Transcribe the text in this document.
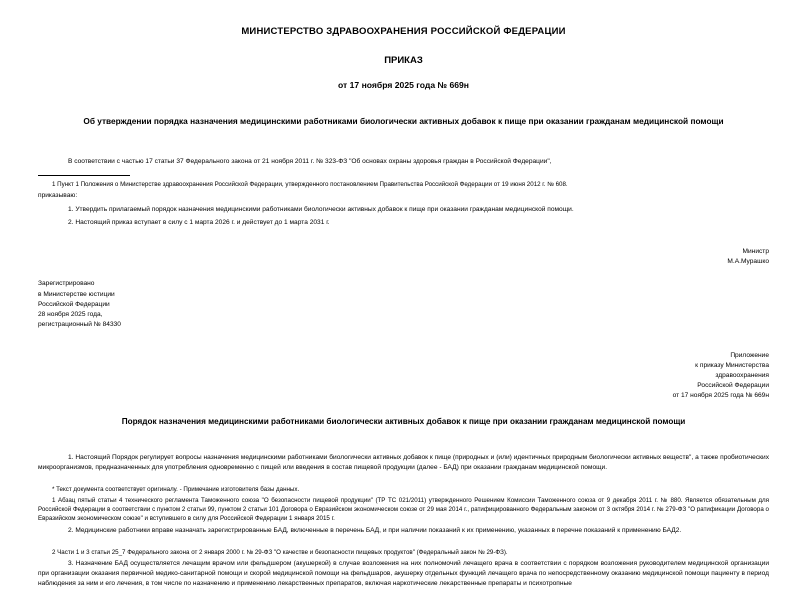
МИНИСТЕРСТВО ЗДРАВООХРАНЕНИЯ РОССИЙСКОЙ ФЕДЕРАЦИИ
ПРИКАЗ
от 17 ноября 2025 года № 669н
Об утверждении порядка назначения медицинскими работниками биологически активных добавок к пище при оказании гражданам медицинской помощи
В соответствии с частью 17 статьи 37 Федерального закона от 21 ноября 2011 г. № 323-ФЗ "Об основах охраны здоровья граждан в Российской Федерации",
1 Пункт 1 Положения о Министерстве здравоохранения Российской Федерации, утвержденного постановлением Правительства Российской Федерации от 19 июня 2012 г. № 608.
приказываю:
1. Утвердить прилагаемый порядок назначения медицинскими работниками биологически активных добавок к пище при оказании гражданам медицинской помощи.
2. Настоящий приказ вступает в силу с 1 марта 2026 г. и действует до 1 марта 2031 г.
Министр
М.А.Мурашко
Зарегистрировано
в Министерстве юстиции
Российской Федерации
28 ноября 2025 года,
регистрационный № 84330
Приложение
к приказу Министерства
здравоохранения
Российской Федерации
от 17 ноября 2025 года № 669н
Порядок назначения медицинскими работниками биологически активных добавок к пище при оказании гражданам медицинской помощи
1. Настоящий Порядок регулирует вопросы назначения медицинскими работниками биологически активных добавок к пище (природных и (или) идентичных природным биологически активных веществ", а также пробиотических микроорганизмов, предназначенных для употребления одновременно с пищей или введения в состав пищевой продукции (далее - БАД) при оказании гражданам медицинской помощи.
* Текст документа соответствует оригиналу. - Примечание изготовителя базы данных.
1 Абзац пятый статьи 4 технического регламента Таможенного союза "О безопасности пищевой продукции" (ТР ТС 021/2011) утвержденного Решением Комиссии Таможенного союза от 9 декабря 2011 г. № 880. Является обязательным для Российской Федерации в соответствии с пунктом 2 статьи 99, пунктом 2 статьи 101 Договора о Евразийском экономическом союзе от 29 мая 2014 г., ратифицированного Федеральным законом от 3 октября 2014 г. № 279-ФЗ "О ратификации Договора о Евразийском экономическом союзе" и вступившего в силу для Российской Федерации 1 января 2015 г.
2. Медицинские работники вправе назначать зарегистрированные БАД, включенные в перечень БАД, и при наличии показаний к их применению, указанных в перечне показаний к применению БАД2.
2 Части 1 и 3 статьи 25_7 Федерального закона от 2 января 2000 г. № 29-ФЗ "О качестве и безопасности пищевых продуктов" (Федеральный закон № 29-ФЗ).
3. Назначение БАД осуществляется лечащим врачом или фельдшером (акушеркой) в случае возложения на них полномочий лечащего врача в соответствии с порядком возложения руководителем медицинской организации при организации оказания первичной медико-санитарной помощи и скорой медицинской помощи на фельдшаров, акушерку отдельных функций лечащего врача по непосредственному оказанию медицинской помощи пациенту в период наблюдения за ним и его лечения, в том числе по назначению и применению лекарственных препаратов, включая наркотические лекарственные препараты и психотропные
